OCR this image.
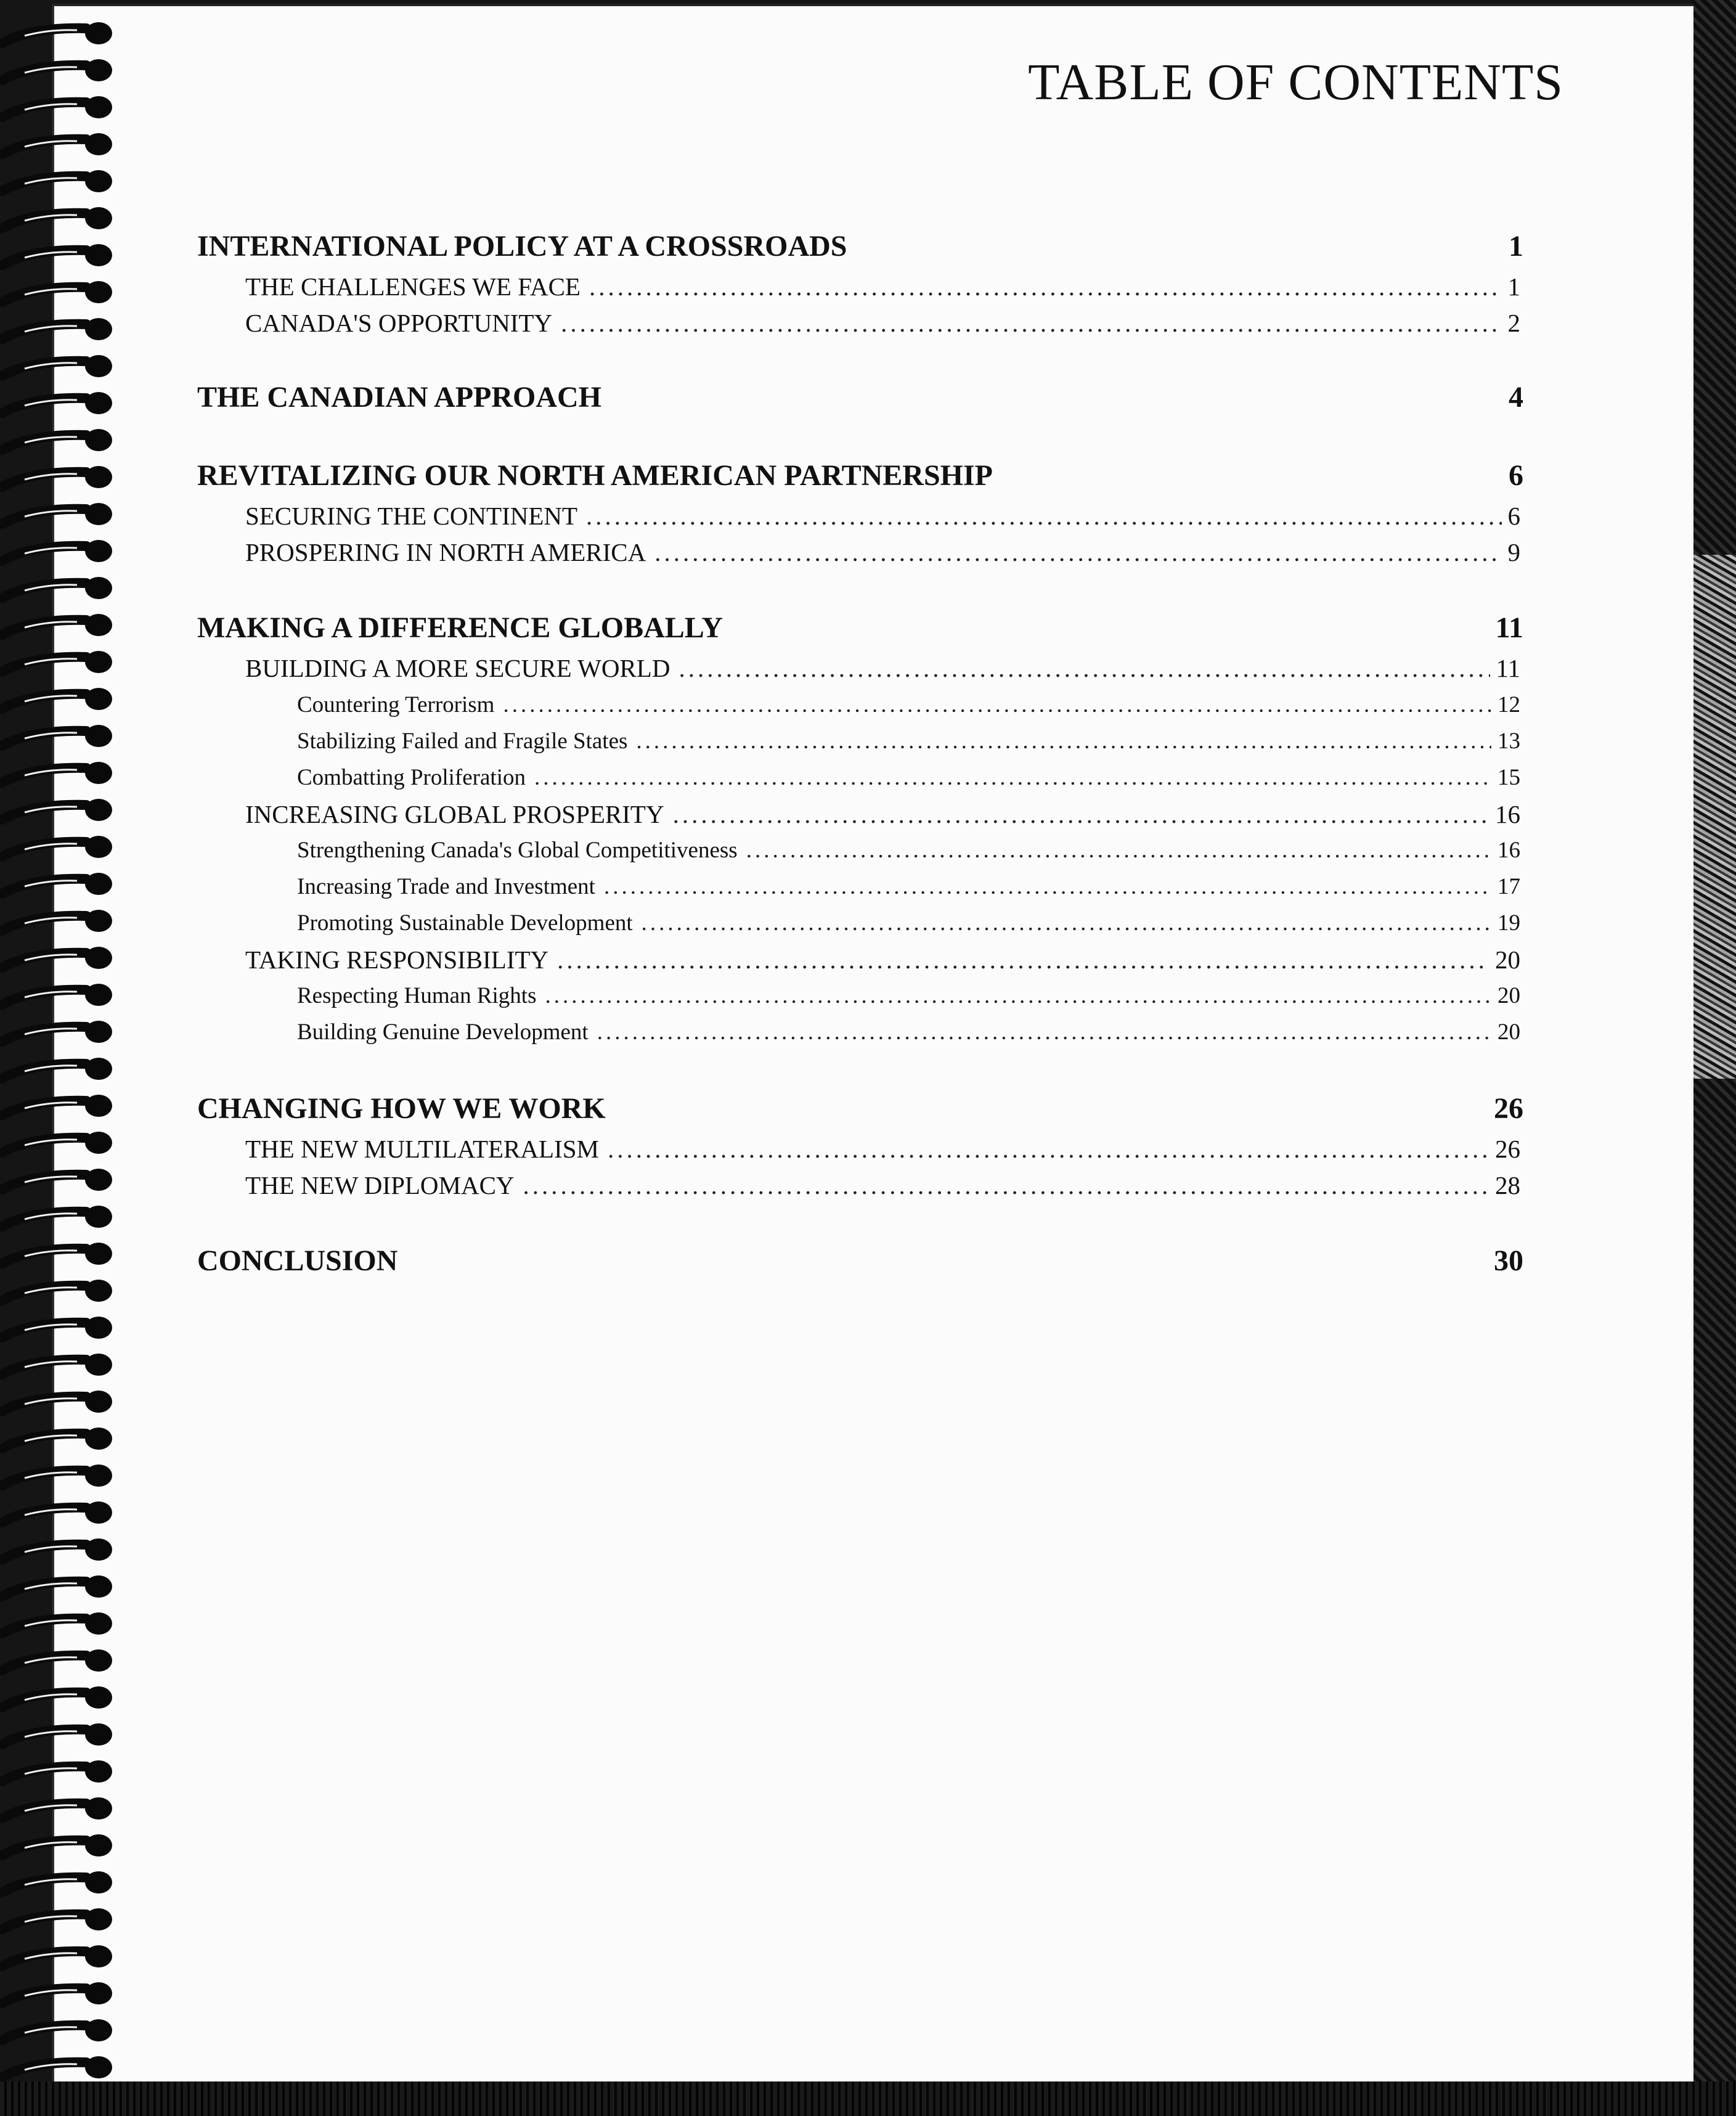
TABLE OF CONTENTS
INTERNATIONAL POLICY AT A CROSSROADS	1
THE CHALLENGES WE FACE .....	1
CANADA'S OPPORTUNITY .....	2
THE CANADIAN APPROACH	4
REVITALIZING OUR NORTH AMERICAN PARTNERSHIP	6
SECURING THE CONTINENT .....	6
PROSPERING IN NORTH AMERICA .....	9
MAKING A DIFFERENCE GLOBALLY	11
BUILDING A MORE SECURE WORLD .....	11
Countering Terrorism .....	12
Stabilizing Failed and Fragile States .....	13
Combatting Proliferation .....	15
INCREASING GLOBAL PROSPERITY .....	16
Strengthening Canada's Global Competitiveness .....	16
Increasing Trade and Investment .....	17
Promoting Sustainable Development .....	19
TAKING RESPONSIBILITY .....	20
Respecting Human Rights .....	20
Building Genuine Development .....	20
CHANGING HOW WE WORK	26
THE NEW MULTILATERALISM .....	26
THE NEW DIPLOMACY .....	28
CONCLUSION	30
